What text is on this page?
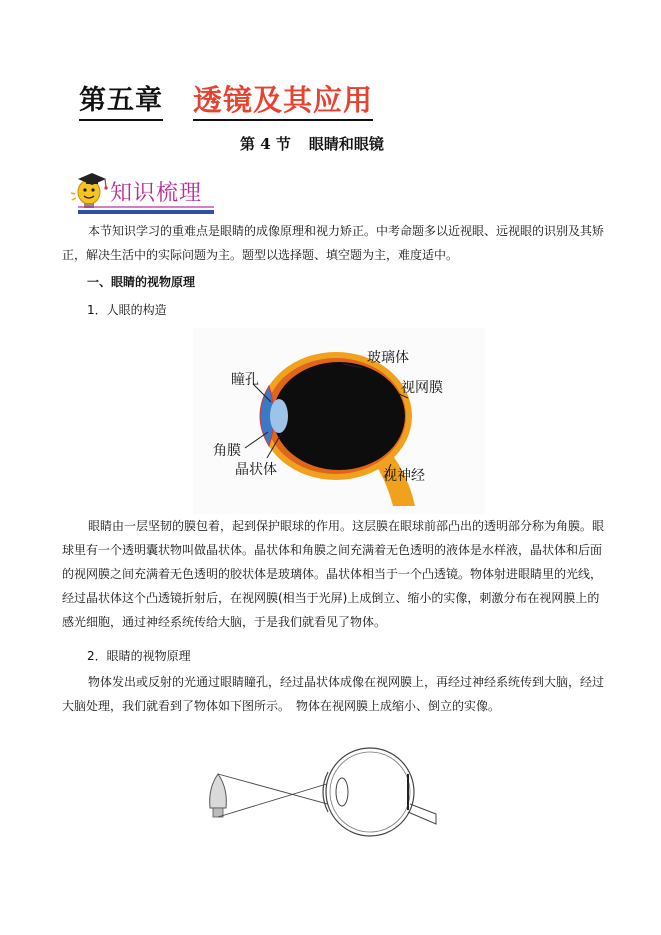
第五章 透镜及其应用
第 4 节 眼睛和眼镜
知识梳理

本节知识学习的重难点是眼睛的成像原理和视力矫正。中考命题多以近视眼、远视眼的识别及其矫正，解决生活中的实际问题为主。题型以选择题、填空题为主，难度适中。

一、眼睛的视物原理
1．人眼的构造
瞳孔
玻璃体
视网膜
角膜
晶状体	视神经

眼睛由一层坚韧的膜包着，起到保护眼球的作用。这层膜在眼球前部凸出的透明部分称为角膜。眼球里有一个透明囊状物叫做晶状体。晶状体和角膜之间充满着无色透明的液体是水样液，晶状体和后面的视网膜之间充满着无色透明的胶状体是玻璃体。晶状体相当于一个凸透镜。物体射进眼睛里的光线，经过晶状体这个凸透镜折射后，在视网膜(相当于光屏)上成倒立、缩小的实像，刺激分布在视网膜上的感光细胞，通过神经系统传给大脑，于是我们就看见了物体。

2．眼睛的视物原理

物体发出或反射的光通过眼睛瞳孔，经过晶状体成像在视网膜上，再经过神经系统传到大脑，经过大脑处理，我们就看到了物体如下图所示。　物体在视网膜上成缩小、倒立的实像。
